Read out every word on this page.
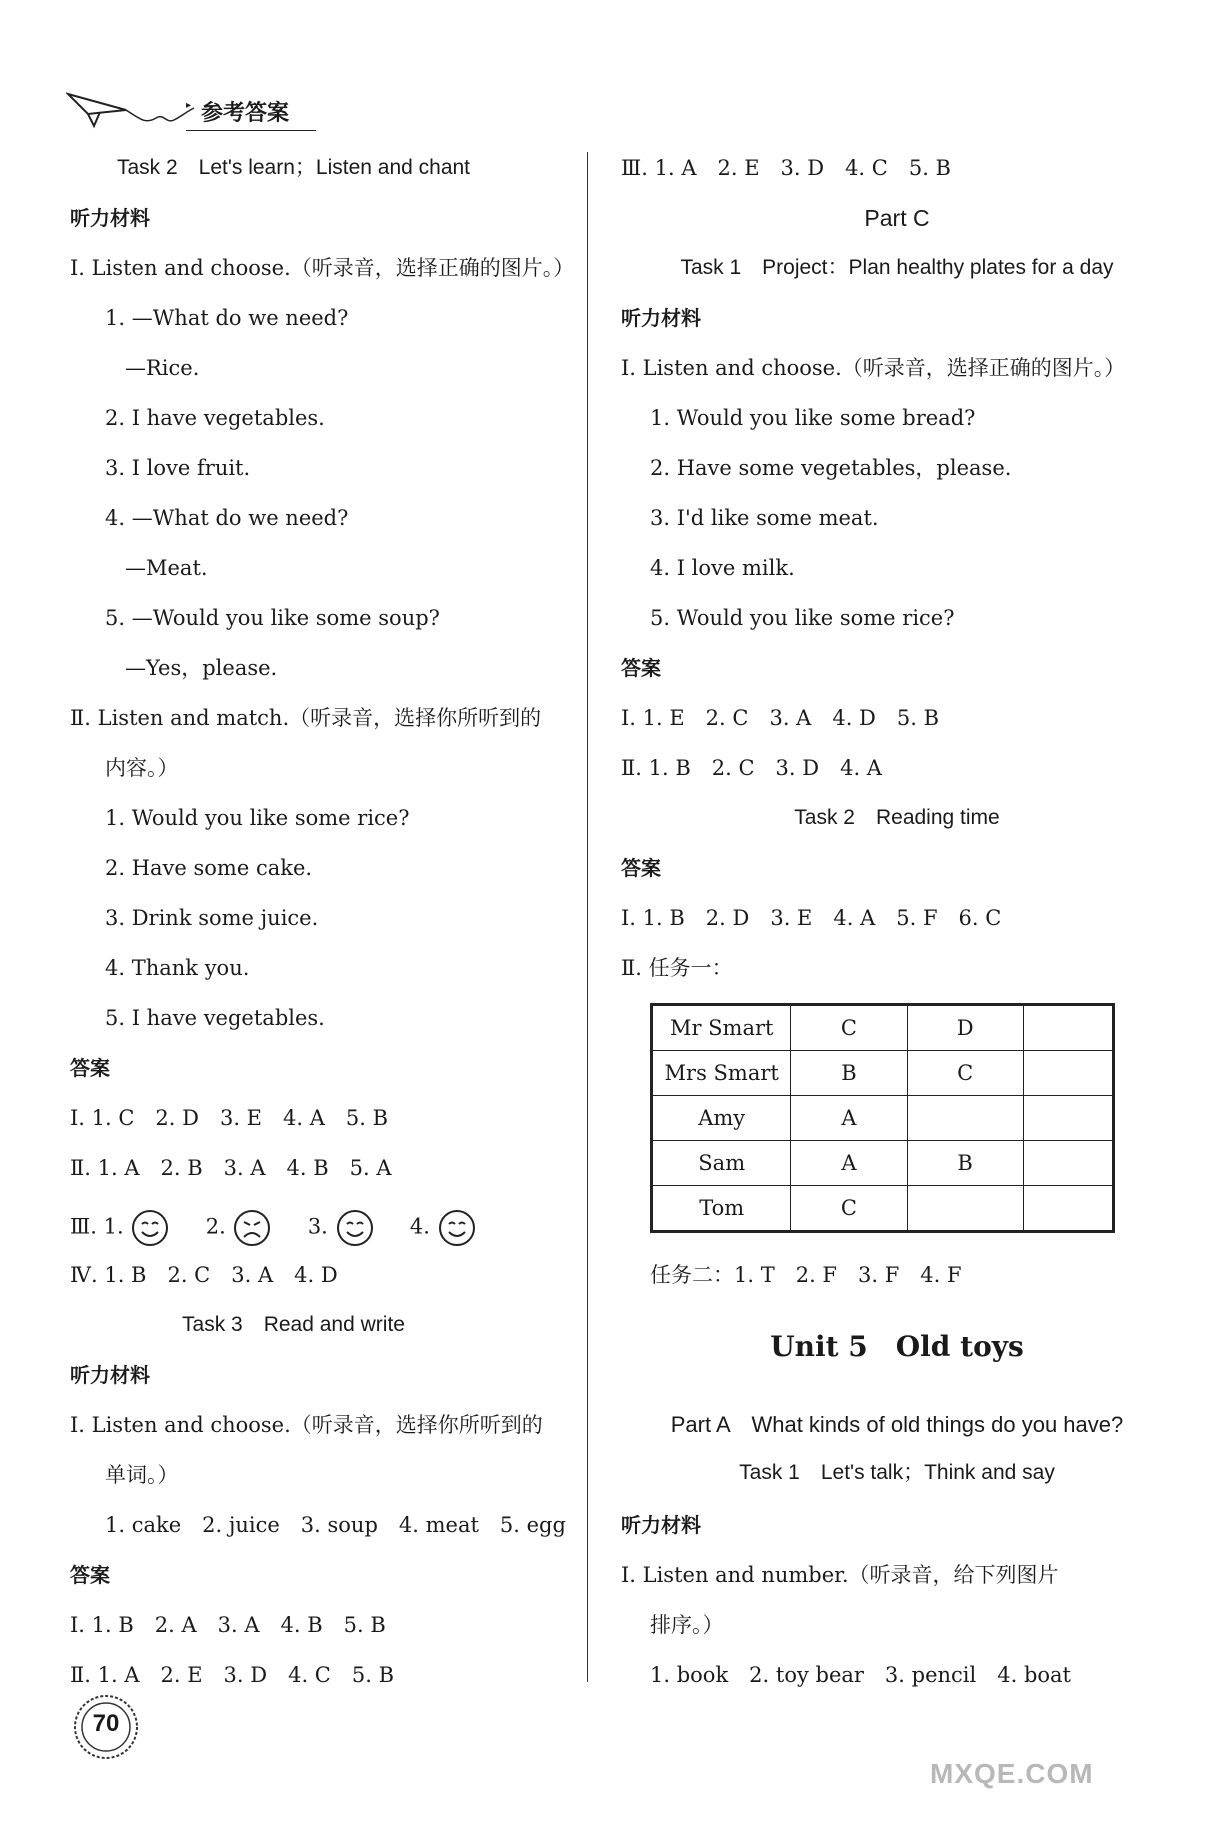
▸ 参考答案
Task 2　Let's learn；Listen and chant
听力材料
Ⅰ. Listen and choose.（听录音，选择正确的图片。）
1. —What do we need?
—Rice.
2. I have vegetables.
3. I love fruit.
4. —What do we need?
—Meat.
5. —Would you like some soup?
—Yes，please.
Ⅱ. Listen and match.（听录音，选择你所听到的
内容。）
1. Would you like some rice?
2. Have some cake.
3. Drink some juice.
4. Thank you.
5. I have vegetables.
答案
Ⅰ. 1. C　2. D　3. E　4. A　5. B
Ⅱ. 1. A　2. B　3. A　4. B　5. A
Ⅲ. 1.	2.	3.	4.
Ⅳ. 1. B　2. C　3. A　4. D
Task 3　Read and write
听力材料
Ⅰ. Listen and choose.（听录音，选择你所听到的
单词。）
1. cake　2. juice　3. soup　4. meat　5. egg
答案
Ⅰ. 1. B　2. A　3. A　4. B　5. B
Ⅱ. 1. A　2. E　3. D　4. C　5. B
Ⅲ. 1. A　2. E　3. D　4. C　5. B
Part C
Task 1　Project：Plan healthy plates for a day
听力材料
Ⅰ. Listen and choose.（听录音，选择正确的图片。）
1. Would you like some bread?
2. Have some vegetables，please.
3. I'd like some meat.
4. I love milk.
5. Would you like some rice?
答案
Ⅰ. 1. E　2. C　3. A　4. D　5. B
Ⅱ. 1. B　2. C　3. D　4. A
Task 2　Reading time
答案
Ⅰ. 1. B　2. D　3. E　4. A　5. F　6. C
Ⅱ. 任务一：
Mr Smart	C	D	
Mrs Smart	B	C	
Amy	A		
Sam	A	B	
Tom	C		
任务二：1. T　2. F　3. F　4. F
Unit 5　Old toys
Part A　What kinds of old things do you have?
Task 1　Let's talk；Think and say
听力材料
Ⅰ. Listen and number.（听录音，给下列图片
排序。）
1. book　2. toy bear　3. pencil　4. boat
70
MXQE.COM
